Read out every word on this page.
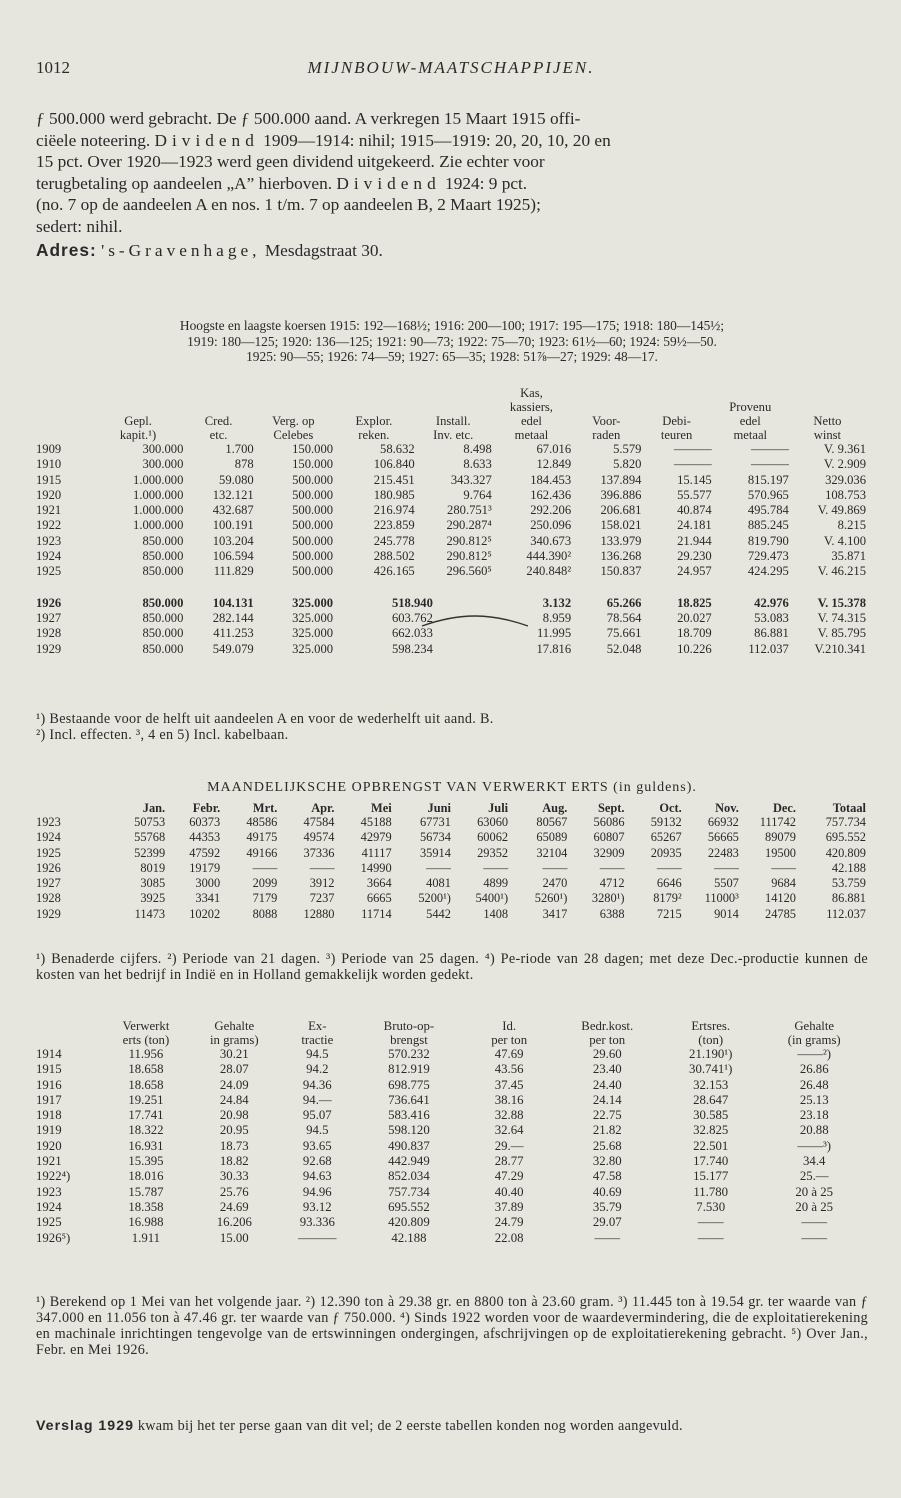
1012	MIJNBOUW-MAATSCHAPPIJEN.
ƒ 500.000 werd gebracht. De ƒ 500.000 aand. A verkregen 15 Maart 1915 offi-
ciëele noteering. Dividend 1909—1914: nihil; 1915—1919: 20, 20, 10, 20 en
15 pct. Over 1920—1923 werd geen dividend uitgekeerd. Zie echter voor
terugbetaling op aandeelen „A” hierboven. Dividend 1924: 9 pct.
(no. 7 op de aandeelen A en nos. 1 t/m. 7 op aandeelen B, 2 Maart 1925);
sedert: nihil.
Adres: 's-Gravenhage, Mesdagstraat 30.
Hoogste en laagste koersen 1915: 192—168½; 1916: 200—100; 1917: 195—175; 1918: 180—145½;
1919: 180—125; 1920: 136—125; 1921: 90—73; 1922: 75—70; 1923: 61½—60; 1924: 59½—50.
1925: 90—55; 1926: 74—59; 1927: 65—35; 1928: 51⅞—27; 1929: 48—17.
						Kas,				
						kassiers,			Provenu	
	Gepl.	Cred.	Verg. op	Explor.	Install.	edel	Voor-	Debi-	edel	Netto
	kapit.¹)	etc.	Celebes	reken.	Inv. etc.	metaal	raden	teuren	metaal	winst
1909	300.000	1.700	150.000	58.632	8.498	67.016	5.579	———	———	V. 9.361
1910	300.000	878	150.000	106.840	8.633	12.849	5.820	———	———	V. 2.909
1915	1.000.000	59.080	500.000	215.451	343.327	184.453	137.894	15.145	815.197	329.036
1920	1.000.000	132.121	500.000	180.985	9.764	162.436	396.886	55.577	570.965	108.753
1921	1.000.000	432.687	500.000	216.974	280.751³	292.206	206.681	40.874	495.784	V. 49.869
1922	1.000.000	100.191	500.000	223.859	290.287⁴	250.096	158.021	24.181	885.245	8.215
1923	850.000	103.204	500.000	245.778	290.812⁵	340.673	133.979	21.944	819.790	V. 4.100
1924	850.000	106.594	500.000	288.502	290.812⁵	444.390²	136.268	29.230	729.473	35.871
1925	850.000	111.829	500.000	426.165	296.560⁵	240.848²	150.837	24.957	424.295	V. 46.215

1926	850.000	104.131	325.000	518.940		3.132	65.266	18.825	42.976	V. 15.378
1927	850.000	282.144	325.000	603.762		8.959	78.564	20.027	53.083	V. 74.315
1928	850.000	411.253	325.000	662.033		11.995	75.661	18.709	86.881	V. 85.795
1929	850.000	549.079	325.000	598.234		17.816	52.048	10.226	112.037	V.210.341
¹) Bestaande voor de helft uit aandeelen A en voor de wederhelft uit aand. B.
²) Incl. effecten. ³, 4 en 5) Incl. kabelbaan.
MAANDELIJKSCHE OPBRENGST VAN VERWERKT ERTS (in guldens).
	Jan.	Febr.	Mrt.	Apr.	Mei	Juni	Juli	Aug.	Sept.	Oct.	Nov.	Dec.	Totaal
1923	50753	60373	48586	47584	45188	67731	63060	80567	56086	59132	66932	111742	757.734
1924	55768	44353	49175	49574	42979	56734	60062	65089	60807	65267	56665	89079	695.552
1925	52399	47592	49166	37336	41117	35914	29352	32104	32909	20935	22483	19500	420.809
1926	8019	19179	——	——	14990	——	——	——	——	——	——	——	42.188
1927	3085	3000	2099	3912	3664	4081	4899	2470	4712	6646	5507	9684	53.759
1928	3925	3341	7179	7237	6665	5200¹)	5400¹)	5260¹)	3280¹)	8179²	11000³	14120	86.881
1929	11473	10202	8088	12880	11714	5442	1408	3417	6388	7215	9014	24785	112.037
¹) Benaderde cijfers. ²) Periode van 21 dagen. ³) Periode van 25 dagen. ⁴) Pe-riode van 28 dagen; met deze Dec.-productie kunnen de kosten van het bedrijf in Indië en in Holland gemakkelijk worden gedekt.
	Verwerkt	Gehalte	Ex-	Bruto-op-	Id.	Bedr.kost.	Ertsres.	Gehalte
	erts (ton)	in grams)	tractie	brengst	per ton	per ton	(ton)	(in grams)
1914	11.956	30.21	94.5	570.232	47.69	29.60	21.190¹)	——²)
1915	18.658	28.07	94.2	812.919	43.56	23.40	30.741¹)	26.86
1916	18.658	24.09	94.36	698.775	37.45	24.40	32.153	26.48
1917	19.251	24.84	94.—	736.641	38.16	24.14	28.647	25.13
1918	17.741	20.98	95.07	583.416	32.88	22.75	30.585	23.18
1919	18.322	20.95	94.5	598.120	32.64	21.82	32.825	20.88
1920	16.931	18.73	93.65	490.837	29.—	25.68	22.501	——³)
1921	15.395	18.82	92.68	442.949	28.77	32.80	17.740	34.4
1922⁴)	18.016	30.33	94.63	852.034	47.29	47.58	15.177	25.—
1923	15.787	25.76	94.96	757.734	40.40	40.69	11.780	20 à 25
1924	18.358	24.69	93.12	695.552	37.89	35.79	7.530	20 à 25
1925	16.988	16.206	93.336	420.809	24.79	29.07	——	——
1926⁵)	1.911	15.00	———	42.188	22.08	——	——	——
¹) Berekend op 1 Mei van het volgende jaar. ²) 12.390 ton à 29.38 gr. en 8800 ton à 23.60 gram. ³) 11.445 ton à 19.54 gr. ter waarde van ƒ 347.000 en 11.056 ton à 47.46 gr. ter waarde van ƒ 750.000. ⁴) Sinds 1922 worden voor de waardevermindering, die de exploitatierekening en machinale inrichtingen tengevolge van de ertswinningen ondergingen, afschrijvingen op de exploitatierekening gebracht. ⁵) Over Jan., Febr. en Mei 1926.
Verslag 1929 kwam bij het ter perse gaan van dit vel; de 2 eerste tabellen konden nog worden aangevuld.
